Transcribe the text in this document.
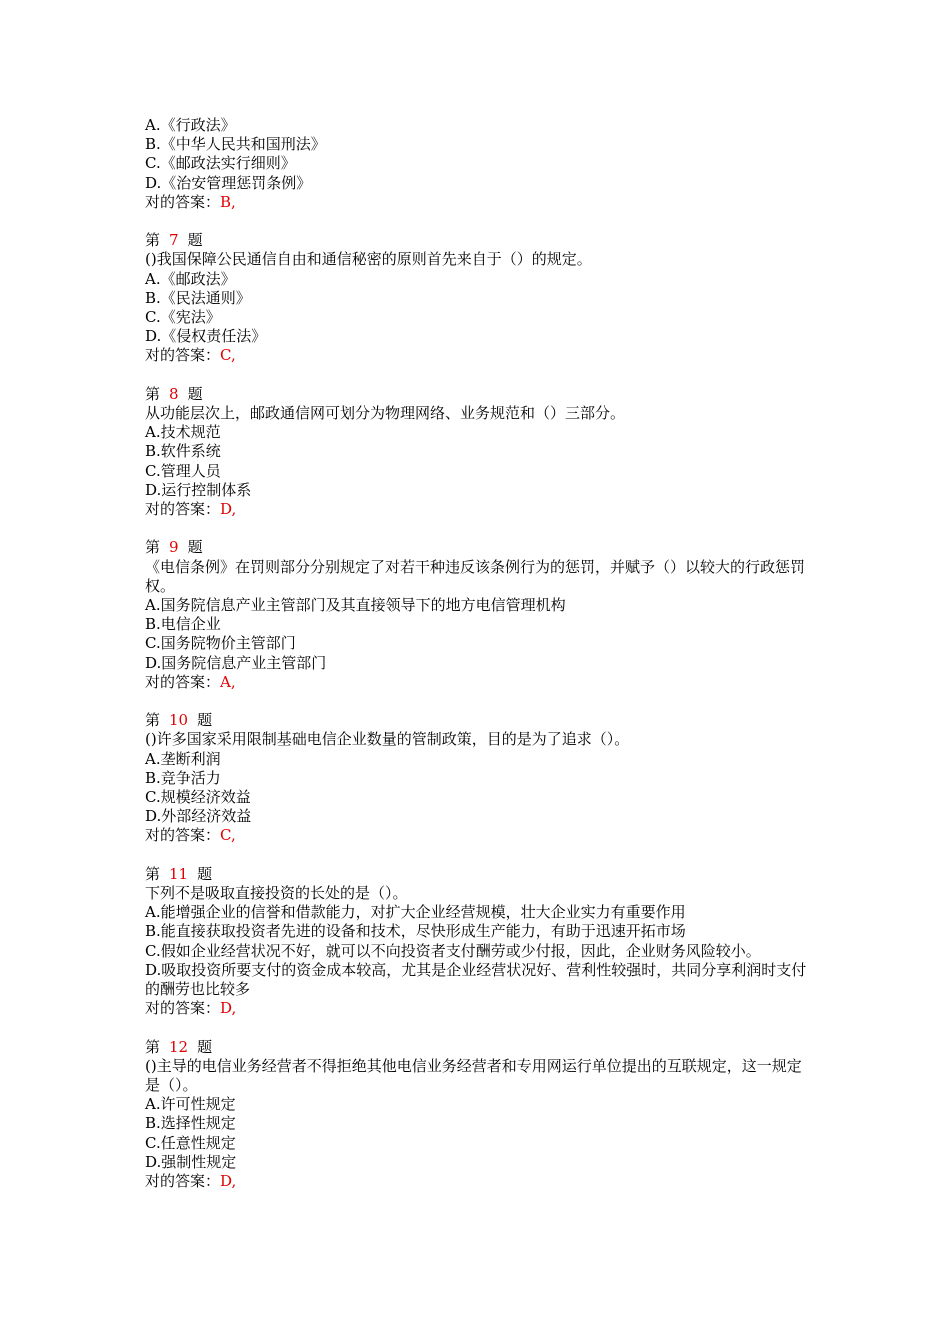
A.《行政法》
B.《中华人民共和国刑法》
C.《邮政法实行细则》
D.《治安管理惩罚条例》
对的答案：B,
第 7 题
()我国保障公民通信自由和通信秘密的原则首先来自于（）的规定。
A.《邮政法》
B.《民法通则》
C.《宪法》
D.《侵权责任法》
对的答案：C,
第 8 题
从功能层次上，邮政通信网可划分为物理网络、业务规范和（）三部分。
A.技术规范
B.软件系统
C.管理人员
D.运行控制体系
对的答案：D,
第 9 题
《电信条例》在罚则部分分别规定了对若干种违反该条例行为的惩罚，并赋予（）以较大的行政惩罚权。
A.国务院信息产业主管部门及其直接领导下的地方电信管理机构
B.电信企业
C.国务院物价主管部门
D.国务院信息产业主管部门
对的答案：A,
第 10 题
()许多国家采用限制基础电信企业数量的管制政策，目的是为了追求（）。
A.垄断利润
B.竞争活力
C.规模经济效益
D.外部经济效益
对的答案：C,
第 11 题
下列不是吸取直接投资的长处的是（）。
A.能增强企业的信誉和借款能力，对扩大企业经营规模，壮大企业实力有重要作用
B.能直接获取投资者先进的设备和技术，尽快形成生产能力，有助于迅速开拓市场
C.假如企业经营状况不好，就可以不向投资者支付酬劳或少付报，因此，企业财务风险较小。
D.吸取投资所要支付的资金成本较高，尤其是企业经营状况好、营利性较强时，共同分享利润时支付的酬劳也比较多
对的答案：D,
第 12 题
()主导的电信业务经营者不得拒绝其他电信业务经营者和专用网运行单位提出的互联规定，这一规定是（）。
A.许可性规定
B.选择性规定
C.任意性规定
D.强制性规定
对的答案：D,
